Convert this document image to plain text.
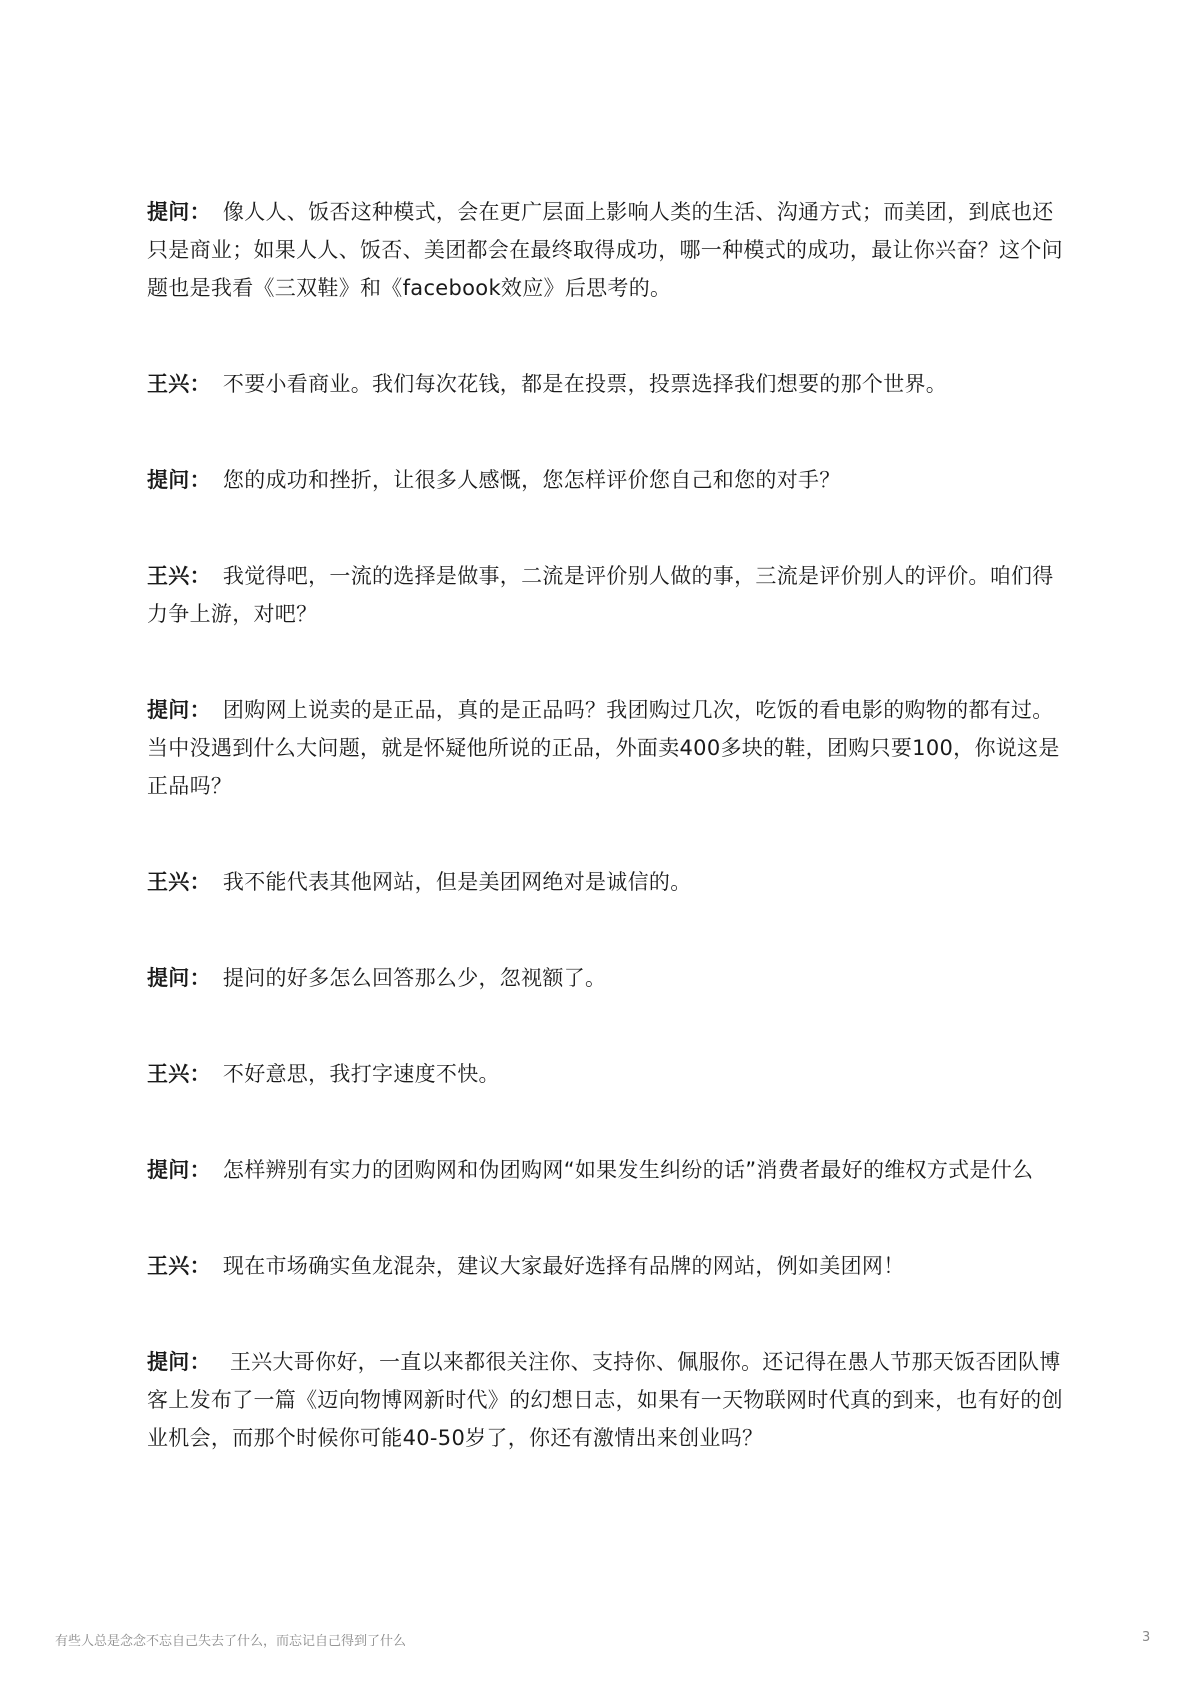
提问： 像人人、饭否这种模式，会在更广层面上影响人类的生活、沟通方式；而美团，到底也还只是商业；如果人人、饭否、美团都会在最终取得成功，哪一种模式的成功，最让你兴奋？这个问题也是我看《三双鞋》和《facebook效应》后思考的。

王兴： 不要小看商业。我们每次花钱，都是在投票，投票选择我们想要的那个世界。

提问： 您的成功和挫折，让很多人感慨，您怎样评价您自己和您的对手？

王兴： 我觉得吧，一流的选择是做事，二流是评价别人做的事，三流是评价别人的评价。咱们得力争上游，对吧？

提问： 团购网上说卖的是正品，真的是正品吗？我团购过几次，吃饭的看电影的购物的都有过。当中没遇到什么大问题，就是怀疑他所说的正品，外面卖400多块的鞋，团购只要100，你说这是正品吗？

王兴： 我不能代表其他网站，但是美团网绝对是诚信的。

提问： 提问的好多怎么回答那么少，忽视额了。

王兴： 不好意思，我打字速度不快。

提问： 怎样辨别有实力的团购网和伪团购网“如果发生纠纷的话”消费者最好的维权方式是什么

王兴： 现在市场确实鱼龙混杂，建议大家最好选择有品牌的网站，例如美团网！

提问： 王兴大哥你好，一直以来都很关注你、支持你、佩服你。还记得在愚人节那天饭否团队博客上发布了一篇《迈向物博网新时代》的幻想日志，如果有一天物联网时代真的到来，也有好的创业机会，而那个时候你可能40-50岁了，你还有激情出来创业吗？

有些人总是念念不忘自己失去了什么，而忘记自己得到了什么	3
